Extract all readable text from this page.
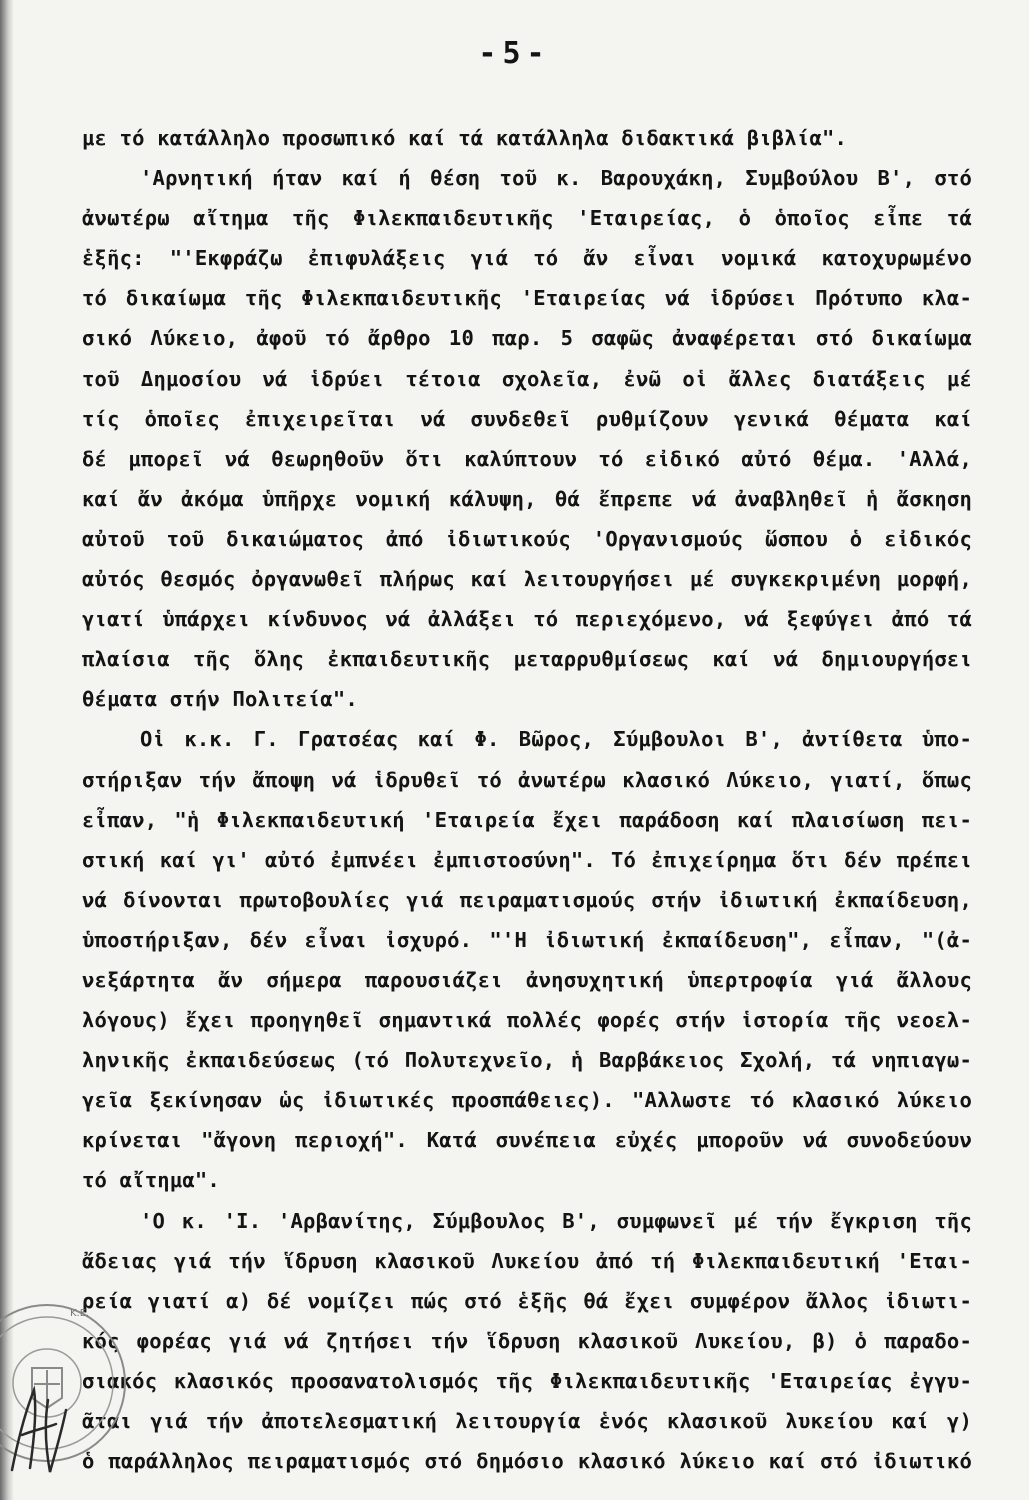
-5-
με τό κατάλληλο προσωπικό καί τά κατάλληλα διδακτικά βιβλία".
'Αρνητική ήταν καί ή θέση τοῦ κ. Βαρουχάκη, Συμβούλου Β', στό
ἀνωτέρω αἴτημα τῆς Φιλεκπαιδευτικῆς 'Εταιρείας, ὁ ὁποῖος εἶπε τά
ἑξῆς: "'Εκφράζω ἐπιφυλάξεις γιά τό ἄν εἶναι νομικά κατοχυρωμένο
τό δικαίωμα τῆς Φιλεκπαιδευτικῆς 'Εταιρείας νά ἱδρύσει Πρότυπο κλα-
σικό Λύκειο, ἀφοῦ τό ἄρθρο 10 παρ. 5 σαφῶς ἀναφέρεται στό δικαίωμα
τοῦ Δημοσίου νά ἱδρύει τέτοια σχολεῖα, ἐνῶ οἱ ἄλλες διατάξεις μέ
τίς ὁποῖες ἐπιχειρεῖται νά συνδεθεῖ ρυθμίζουν γενικά θέματα καί
δέ μπορεῖ νά θεωρηθοῦν ὅτι καλύπτουν τό εἰδικό αὐτό θέμα. 'Αλλά,
καί ἄν ἀκόμα ὑπῆρχε νομική κάλυψη, θά ἔπρεπε νά ἀναβληθεῖ ἡ ἄσκηση
αὐτοῦ τοῦ δικαιώματος ἀπό ἰδιωτικούς 'Οργανισμούς ὥσπου ὁ εἰδικός
αὐτός θεσμός ὀργανωθεῖ πλήρως καί λειτουργήσει μέ συγκεκριμένη μορφή,
γιατί ὑπάρχει κίνδυνος νά ἀλλάξει τό περιεχόμενο, νά ξεφύγει ἀπό τά
πλαίσια τῆς ὅλης ἐκπαιδευτικῆς μεταρρυθμίσεως καί νά δημιουργήσει
θέματα στήν Πολιτεία".
Οἱ κ.κ. Γ. Γρατσέας καί Φ. Βῶρος, Σύμβουλοι Β', ἀντίθετα ὑπο-
στήριξαν τήν ἄποψη νά ἱδρυθεῖ τό ἀνωτέρω κλασικό Λύκειο, γιατί, ὅπως
εἶπαν, "ἡ Φιλεκπαιδευτική 'Εταιρεία ἔχει παράδοση καί πλαισίωση πει-
στική καί γι' αὐτό ἐμπνέει ἐμπιστοσύνη". Τό ἐπιχείρημα ὅτι δέν πρέπει
νά δίνονται πρωτοβουλίες γιά πειραματισμούς στήν ἰδιωτική ἐκπαίδευση,
ὑποστήριξαν, δέν εἶναι ἰσχυρό. "'Η ἰδιωτική ἐκπαίδευση", εἶπαν, "(ἀ-
νεξάρτητα ἄν σήμερα παρουσιάζει ἀνησυχητική ὑπερτροφία γιά ἄλλους
λόγους) ἔχει προηγηθεῖ σημαντικά πολλές φορές στήν ἱστορία τῆς νεοελ-
ληνικῆς ἐκπαιδεύσεως (τό Πολυτεχνεῖο, ἡ Βαρβάκειος Σχολή, τά νηπιαγω-
γεῖα ξεκίνησαν ὡς ἰδιωτικές προσπάθειες). "Αλλωστε τό κλασικό λύκειο
κρίνεται "ἄγονη περιοχή". Κατά συνέπεια εὐχές μποροῦν νά συνοδεύουν
τό αἴτημα".
'Ο κ. 'Ι. 'Αρβανίτης, Σύμβουλος Β', συμφωνεῖ μέ τήν ἔγκριση τῆς
ἄδειας γιά τήν ἵδρυση κλασικοῦ Λυκείου ἀπό τή Φιλεκπαιδευτική 'Εται-
ρεία γιατί α) δέ νομίζει πώς στό ἑξῆς θά ἔχει συμφέρον ἄλλος ἰδιωτι-
κός φορέας γιά νά ζητήσει τήν ἵδρυση κλασικοῦ Λυκείου, β) ὁ παραδο-
σιακός κλασικός προσανατολισμός τῆς Φιλεκπαιδευτικῆς 'Εταιρείας ἐγγυ-
ᾶται γιά τήν ἀποτελεσματική λειτουργία ἑνός κλασικοῦ λυκείου καί γ)
ὁ παράλληλος πειραματισμός στό δημόσιο κλασικό λύκειο καί στό ἰδιωτικό
Κ.Ε.
